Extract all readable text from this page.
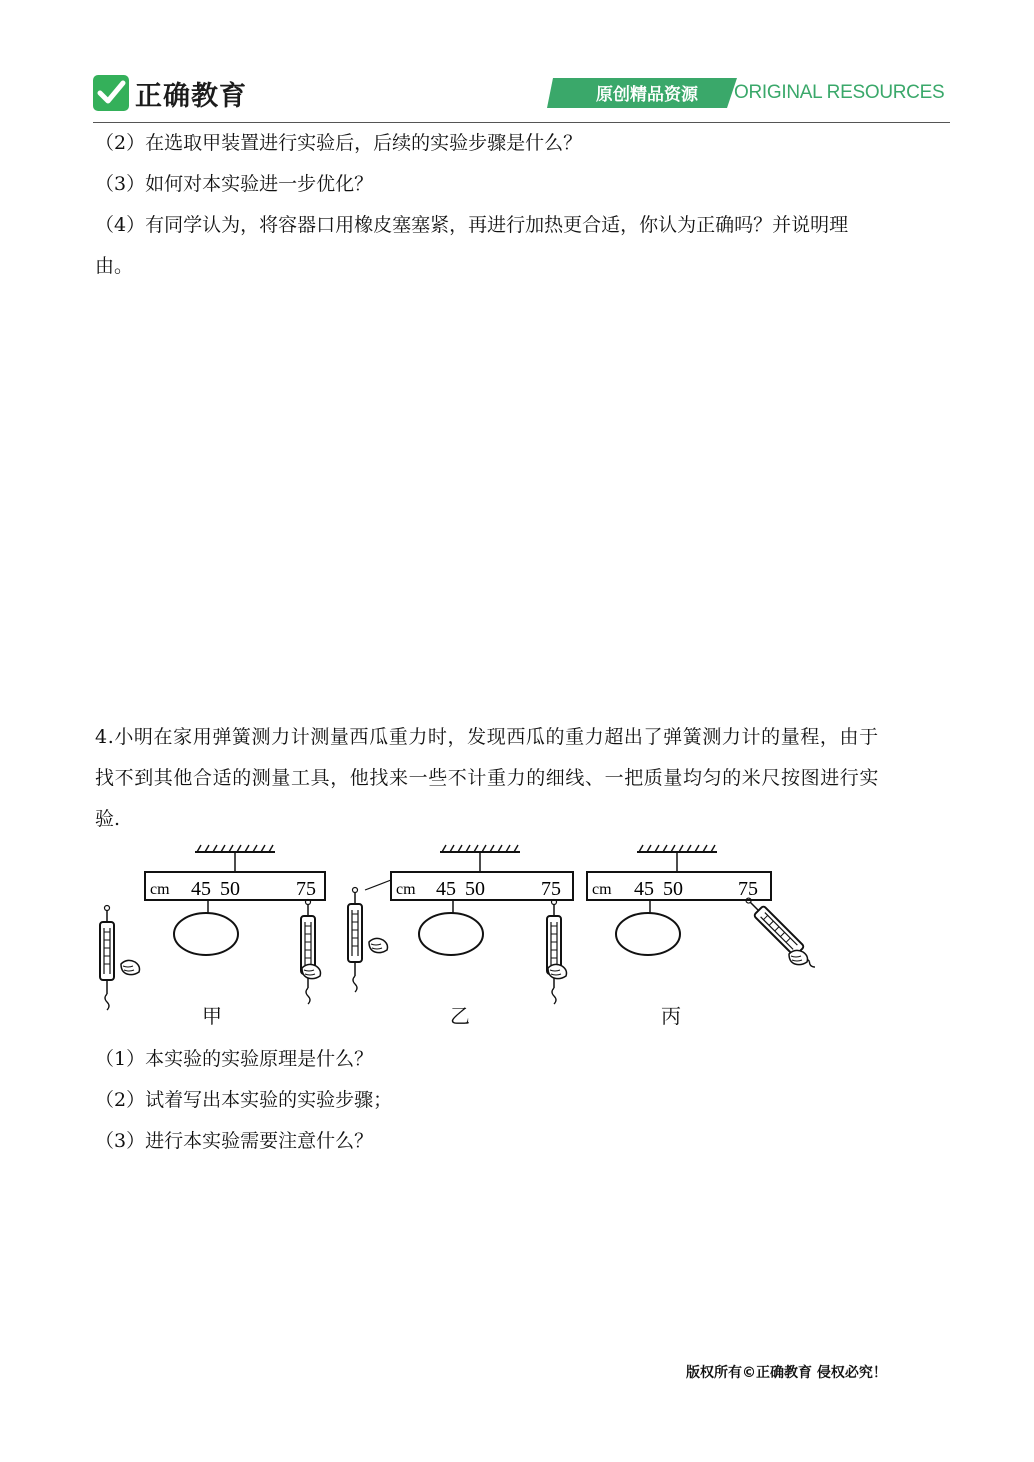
正确教育	原创精品资源	ORIGINAL RESOURCES
（2）在选取甲装置进行实验后，后续的实验步骤是什么？
（3）如何对本实验进一步优化？
（4）有同学认为，将容器口用橡皮塞塞紧，再进行加热更合适，你认为正确吗？并说明理
由。
4.小明在家用弹簧测力计测量西瓜重力时，发现西瓜的重力超出了弹簧测力计的量程，由于
找不到其他合适的测量工具，他找来一些不计重力的细线、一把质量均匀的米尺按图进行实
验.
cm 45 50	75	cm 45 50	75 cm 45 50	75
甲	乙	丙
（1）本实验的实验原理是什么？
（2）试着写出本实验的实验步骤；
（3）进行本实验需要注意什么？
版权所有©正确教育 侵权必究！
